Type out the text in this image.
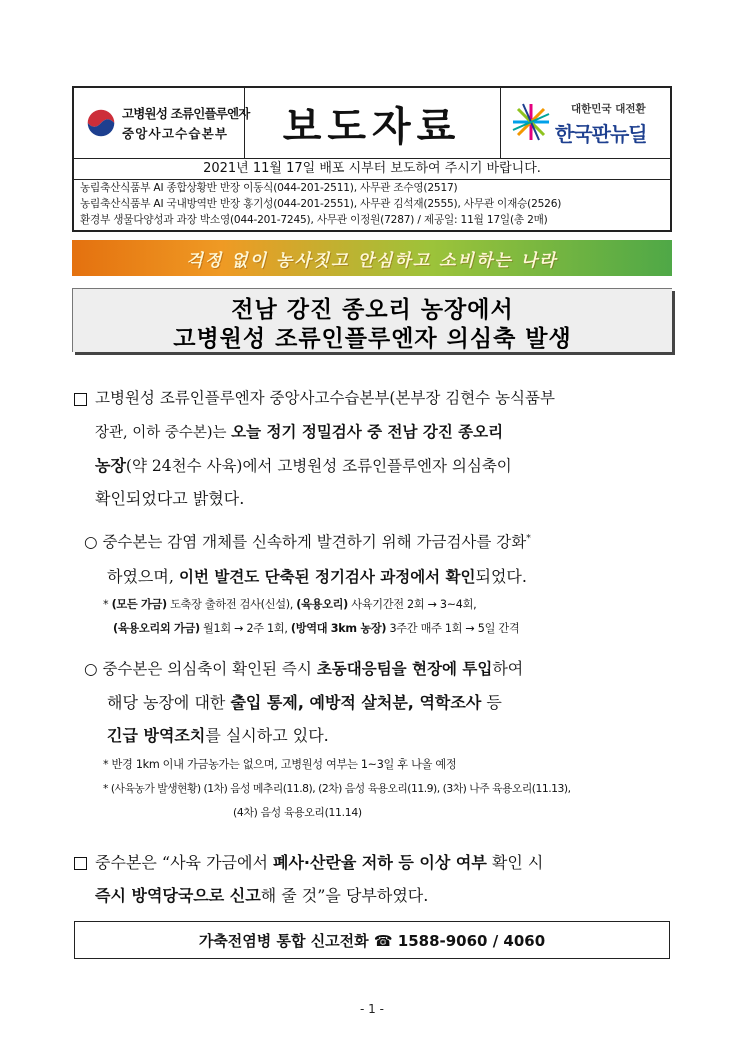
고병원성 조류인플루엔자
중앙사고수습본부 보도자료	대한민국 대전환
한국판뉴딜
2021년 11월 17일 배포 시부터 보도하여 주시기 바랍니다.
농림축산식품부 AI 종합상황반 반장 이동식(044-201-2511), 사무관 조수영(2517)
농림축산식품부 AI 국내방역반 반장 홍기성(044-201-2551), 사무관 김석재(2555), 사무관 이재승(2526)
환경부 생물다양성과 과장 박소영(044-201-7245), 사무관 이정원(7287) / 제공일: 11월 17일(총 2매)
걱정 없이 농사짓고 안심하고 소비하는 나라
전남 강진 종오리 농장에서
고병원성 조류인플루엔자 의심축 발생
고병원성 조류인플루엔자 중앙사고수습본부(본부장 김현수 농식품부
장관, 이하 중수본)는 오늘 정기 정밀검사 중 전남 강진 종오리
농장(약 24천수 사육)에서 고병원성 조류인플루엔자 의심축이
확인되었다고 밝혔다.
○ 중수본는 감염 개체를 신속하게 발견하기 위해 가금검사를 강화*
하였으며, 이번 발견도 단축된 정기검사 과정에서 확인되었다.
* (모든 가금) 도축장 출하전 검사(신설), (육용오리) 사육기간전 2회 → 3~4회,
(육용오리외 가금) 월1회 → 2주 1회, (방역대 3km 농장) 3주간 매주 1회 → 5일 간격
○ 중수본은 의심축이 확인된 즉시 초동대응팀을 현장에 투입하여
해당 농장에 대한 출입 통제, 예방적 살처분, 역학조사 등
긴급 방역조치를 실시하고 있다.
* 반경 1km 이내 가금농가는 없으며, 고병원성 여부는 1~3일 후 나올 예정
* (사육농가 발생현황) (1차) 음성 메추리(11.8), (2차) 음성 육용오리(11.9), (3차) 나주 육용오리(11.13),
(4차) 음성 육용오리(11.14)
중수본은 “사육 가금에서 폐사·산란율 저하 등 이상 여부 확인 시
즉시 방역당국으로 신고해 줄 것”을 당부하였다.
가축전염병 통합 신고전화 ☎ 1588-9060 / 4060
- 1 -
